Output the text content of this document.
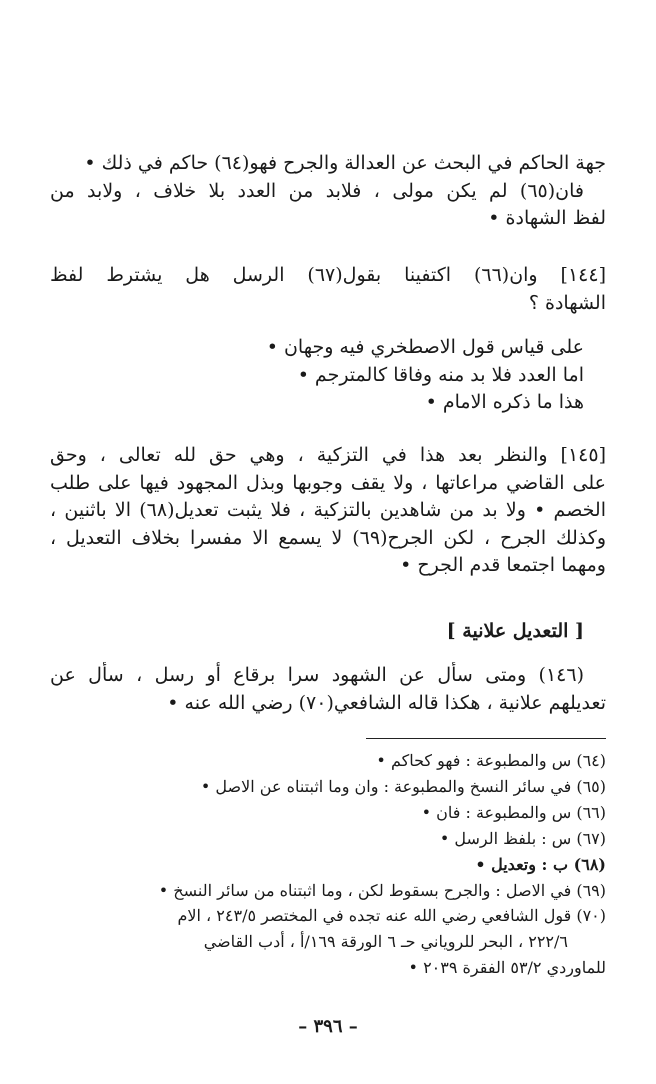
جهة الحاكم في البحث عن العدالة والجرح فهو(٦٤) حاكم في ذلك •
فان(٦٥) لم يكن مولى ، فلابد من العدد بلا خلاف ، ولابد من
لفظ الشهادة •
[١٤٤] وان(٦٦) اكتفينا بقول(٦٧) الرسل هل يشترط لفظ
الشهادة ؟
على قياس قول الاصطخري فيه وجهان •
اما العدد فلا بد منه وفاقا كالمترجم •
هذا ما ذكره الامام •
[١٤٥] والنظر بعد هذا في التزكية ، وهي حق لله تعالى ، وحق
على القاضي مراعاتها ، ولا يقف وجوبها وبذل المجهود فيها على طلب
الخصم • ولا بد من شاهدين بالتزكية ، فلا يثبت تعديل(٦٨) الا باثنين ،
وكذلك الجرح ، لكن الجرح(٦٩) لا يسمع الا مفسرا بخلاف التعديل ،
ومهما اجتمعا قدم الجرح •
[ التعديل علانية ]
(١٤٦) ومتى سأل عن الشهود سرا برقاع أو رسل ، سأل عن
تعديلهم علانية ، هكذا قاله الشافعي(٧٠) رضي الله عنه •
(٦٤) س والمطبوعة : فهو كحاكم •
(٦٥) في سائر النسخ والمطبوعة : وان وما اثبتناه عن الاصل •
(٦٦) س والمطبوعة : فان •
(٦٧) س : بلفظ الرسل •
(٦٨) ب : وتعديل •
(٦٩) في الاصل : والجرح بسقوط لكن ، وما اثبتناه من سائر النسخ •
(٧٠) قول الشافعي رضي الله عنه تجده في المختصر ٢٤٣/٥ ، الام
٢٢٢/٦ ، البحر للروياني حـ ٦ الورقة ١٦٩/أ ، أدب القاضي
للماوردي ٥٣/٢ الفقرة ٢٠٣٩ •
– ٣٩٦ –
